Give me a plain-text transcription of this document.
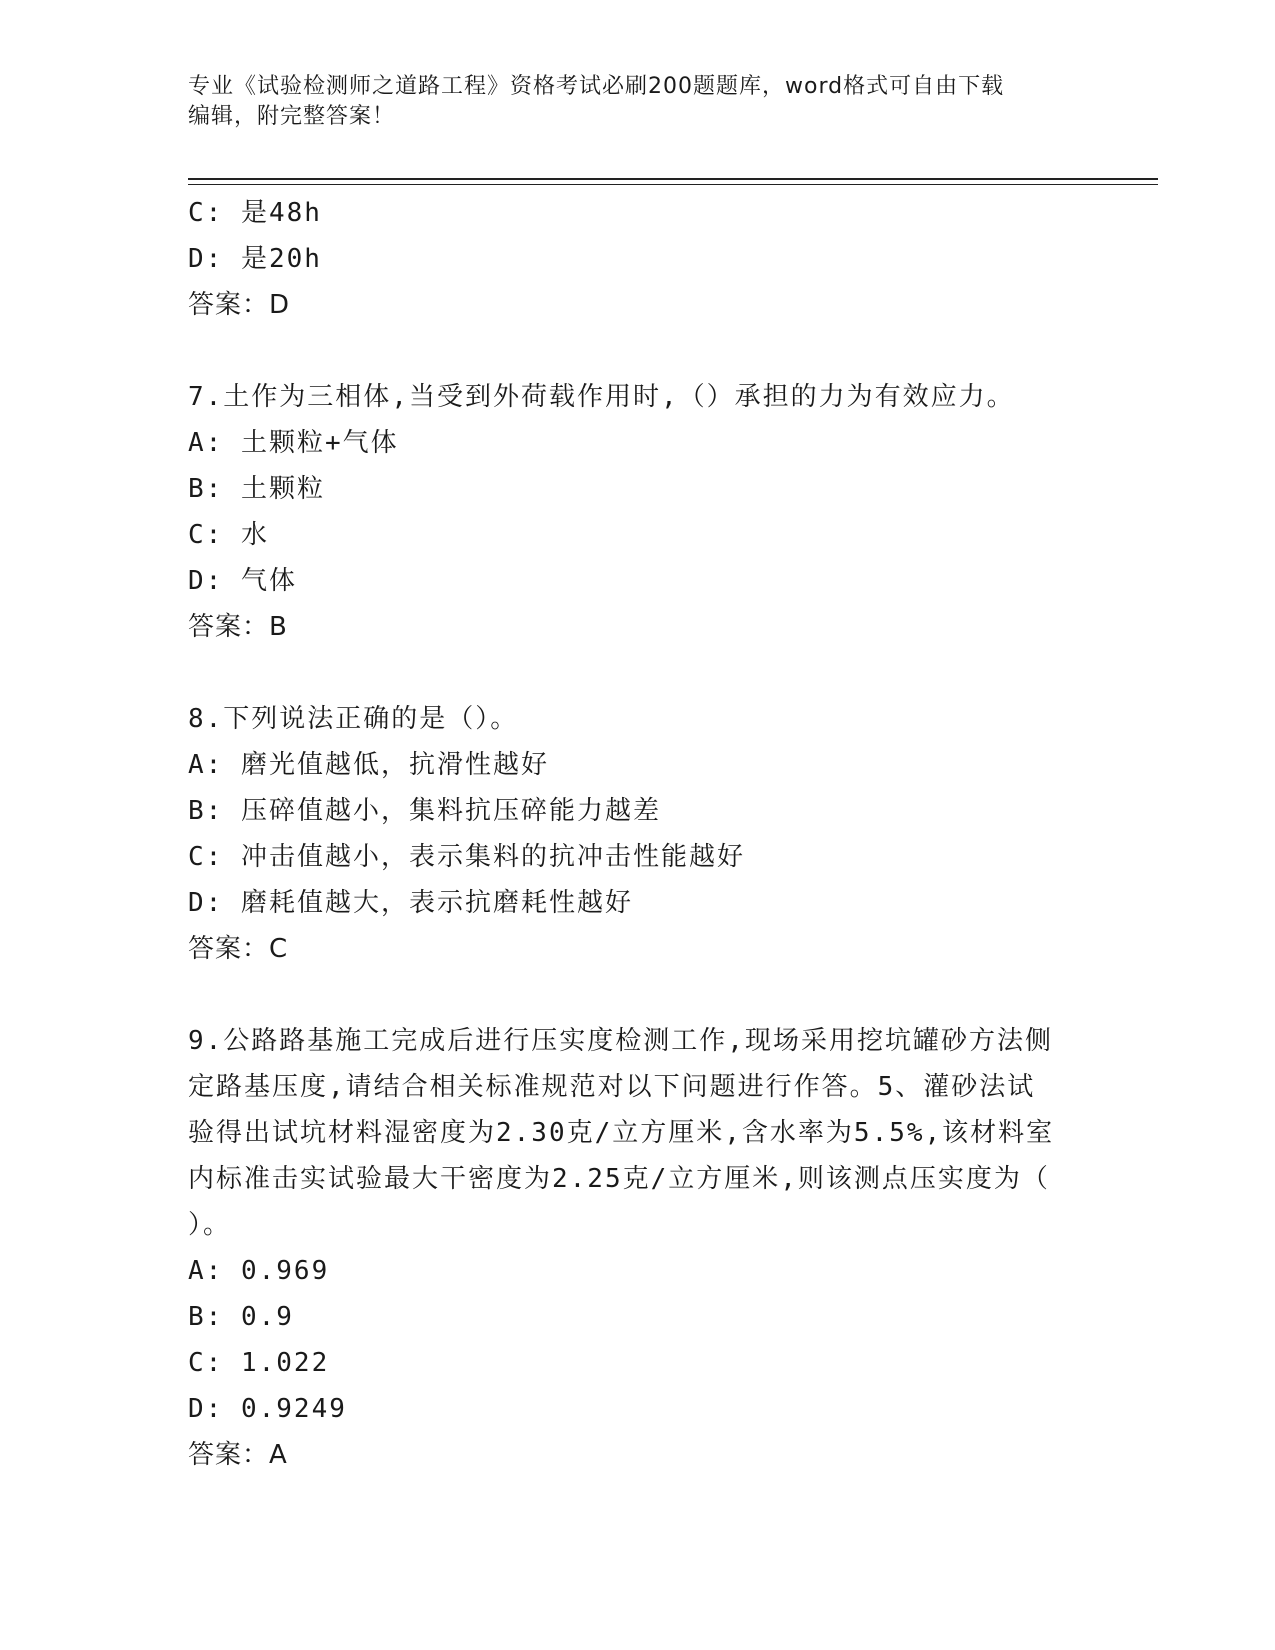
专业《试验检测师之道路工程》资格考试必刷200题题库，word格式可自由下载
编辑，附完整答案！
C: 是48h
D: 是20h
答案：D
7.土作为三相体,当受到外荷载作用时,（）承担的力为有效应力。
A: 土颗粒+气体
B: 土颗粒
C: 水
D: 气体
答案：B
8.下列说法正确的是（）。
A: 磨光值越低，抗滑性越好
B: 压碎值越小，集料抗压碎能力越差
C: 冲击值越小，表示集料的抗冲击性能越好
D: 磨耗值越大，表示抗磨耗性越好
答案：C
9.公路路基施工完成后进行压实度检测工作,现场采用挖坑罐砂方法侧
定路基压度,请结合相关标准规范对以下问题进行作答。5、灌砂法试
验得出试坑材料湿密度为2.30克/立方厘米,含水率为5.5%,该材料室
内标准击实试验最大干密度为2.25克/立方厘米,则该测点压实度为（
）。
A: 0.969
B: 0.9
C: 1.022
D: 0.9249
答案：A
